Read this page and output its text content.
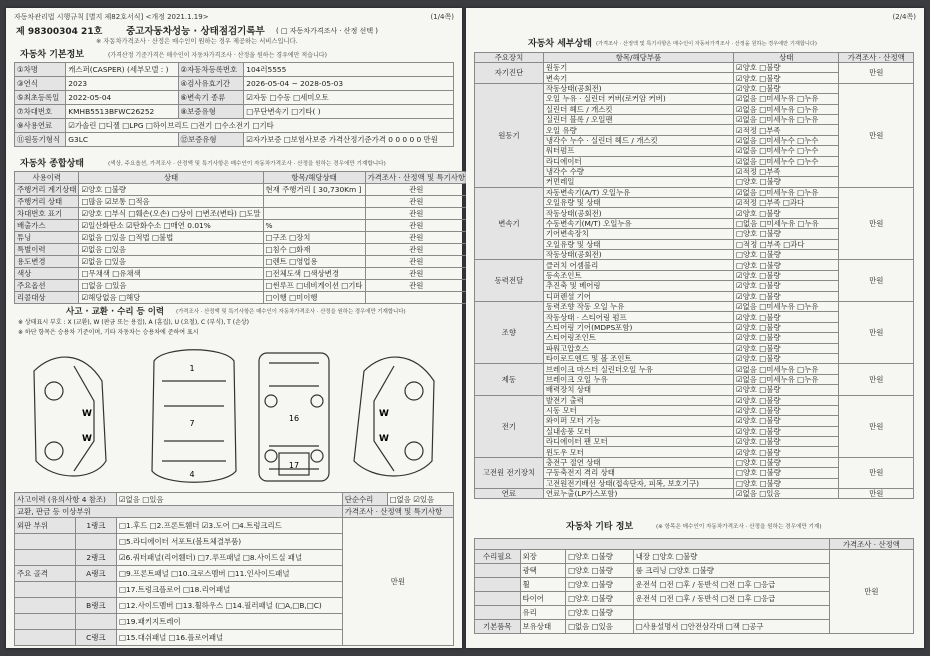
자동차관리법 시행규칙 [별지 제82호서식] <개정 2021.1.19>	(1/4쪽)
제 98300304 21호 중고자동차성능 · 상태점검기록부 ( □ 자동차가격조사 · 산정 선택 )
※ 자동차가격조사 · 산정은 매수인이 원하는 경우 제공하는 서비스입니다.
자동차 기본정보	(가격산정 기준가격은 매수인이 자동차가격조사 · 산정을 원하는 경우에만 적습니다)
①차명	캐스퍼(CASPER) (세부모델 : )	②자동차등록번호	104러5555
③연식	2023	④검사유효기간	2026-05-04 ~ 2028-05-03
⑤최초등록일	2022-05-04	⑥변속기 종류	☑자동 □수동 □세미오토
⑦차대번호	KMHB5513BFWC26252	⑧보증유형	□무단변속기 □기타( )
⑨사용연료	☑가솔린 □디젤 □LPG □하이브리드 □전기 □수소전기 □기타		
⑪원동기형식	G3LC	⑫보증유형	☑자가보증 □보험사보증 가격산정기준가격 0 0 0 0 0 만원
자동차 종합상태	(색상, 주요옵션, 가격조사 · 산정액 및 특기사항은 매수인이 자동차가격조사 · 산정을 원하는 경우에만 기재합니다)
사용이력	상태	항목/해당상태	가격조사 · 산정액 및 특기사항
주행거리 계기상태	☑양호 □불량	현재 주행거리 [ 30,730Km ]	관원
주행거리 상태	□많음 ☑보통 □적음		관원
차대번호 표기	☑양호 □부식 □훼손(오손) □상이 □변조(변타) □도말		관원
배출가스	☑일산화탄소 ☑탄화수소 □매연 0.01%	%	관원
튜닝	☑없음 □있음 □적법 □불법	□구조 □장치	관원
특별이력	☑없음 □있음	□침수 □화재	관원
용도변경	☑없음 □있음	□렌트 □영업용	관원
색상	□무채색 □유채색	□전체도색 □색상변경	관원
주요옵션	□없음 □있음	□썬루프 □네비게이션 □기타	관원
리콜대상	☑해당없음 □해당	□이행 □미이행	
사고 · 교환 · 수리 등 이력 (가격조사 · 산정액 및 특기사항은 매수인이 자동차가격조사 · 산정을 원하는 경우에만 기재합니다)
※ 상태표시 부호 : X (교환), W (판금 또는 용접), A (흠집), U (요철), C (부식), T (손상)
※ 하단 항목은 승용차 기준이며, 기타 자동차는 승용차에 준하여 표시
1
7
4
16
17
W
W
W
W
사고이력 (유의사항 4 참조)		☑없음 □있음	단순수리	□없음 ☑있음
교환, 판금 등 이상부위			가격조사 · 산정액 및 특기사항	
외판 부위	1랭크	□1.후드 □2.프론트휀더 ☑3.도어 □4.트렁크리드	만원	
		□5.라디에이터 서포트(볼트체결부품)		
	2랭크	☑6.쿼터패널(리어휀더) □7.루프패널 □8.사이드실 패널		
주요 골격	A랭크	□9.프론트패널 □10.크로스멤버 □11.인사이드패널		
		□17.트렁크플로어 □18.리어패널		
	B랭크	□12.사이드멤버 □13.휠하우스 □14.필러패널 (□A,□B,□C)		
		□19.패키지트레이		
	C랭크	□15.대쉬패널 □16.플로어패널		
(2/4쪽)
자동차 세부상태 (가격조사 · 산정액 및 특기사항은 매수인이 자동차가격조사 · 산정을 원하는 경우에만 기재합니다)
주요장치	항목/해당부품	상태	가격조사 · 산정액
자기진단	원동기	☑양호 □불량	만원
	변속기	☑양호 □불량	
원동기	작동상태(공회전)	☑양호 □불량	만원
	오일 누유 · 실린더 커버(로커암 커버)	☑없음 □미세누유 □누유	
	실린더 헤드 / 개스킷	☑없음 □미세누유 □누유	
	실린더 블록 / 오일팬	☑없음 □미세누유 □누유	
	오일 유량	☑적정 □부족	
	냉각수 누수 · 실린더 헤드 / 개스킷	☑없음 □미세누수 □누수	
	워터펌프	☑없음 □미세누수 □누수	
	라디에이터	☑없음 □미세누수 □누수	
	냉각수 수량	☑적정 □부족	
	커먼레일	□양호 □불량	
변속기	자동변속기(A/T) 오일누유	☑없음 □미세누유 □누유	만원
	오일유량 및 상태	☑적정 □부족 □과다	
	작동상태(공회전)	☑양호 □불량	
	수동변속기(M/T) 오일누유	□없음 □미세누유 □누유	
	기어변속장치	□양호 □불량	
	오일유량 및 상태	□적정 □부족 □과다	
	작동상태(공회전)	□양호 □불량	
동력전달	클러치 어셈블리	□양호 □불량	만원
	등속조인트	☑양호 □불량	
	추진축 및 베어링	☑양호 □불량	
	디퍼렌셜 기어	☑양호 □불량	
조향	동력조향 작동 오일 누유	☑없음 □미세누유 □누유	만원
	작동상태 · 스티어링 펌프	☑양호 □불량	
	스티어링 기어(MDPS포함)	☑양호 □불량	
	스티어링조인트	☑양호 □불량	
	파워고압호스	☑양호 □불량	
	타이로드엔드 및 볼 조인트	☑양호 □불량	
제동	브레이크 마스터 실린더오일 누유	☑없음 □미세누유 □누유	만원
	브레이크 오일 누유	☑없음 □미세누유 □누유	
	배력장치 상태	☑양호 □불량	
전기	발전기 출력	☑양호 □불량	만원
	시동 모터	☑양호 □불량	
	와이퍼 모터 기능	☑양호 □불량	
	실내송풍 모터	☑양호 □불량	
	라디에이터 팬 모터	☑양호 □불량	
	윈도우 모터	☑양호 □불량	
고전원 전기장치	충전구 절연 상태	□양호 □불량	만원
	구동축전지 격리 상태	□양호 □불량	
	고전원전기배선 상태(접속단자, 피복, 보호기구)	□양호 □불량	
연료	연료누출(LP가스포함)	☑없음 □있음	만원
자동차 기타 정보	(※ 항목은 매수인이 자동차가격조사 · 산정을 원하는 경우에만 기재)
				가격조사 · 산정액
수리필요	외장	□양호 □불량	내장 □양호 □불량	만원
	광택	□양호 □불량	룸 크리닝 □양호 □불량	
	휠	□양호 □불량	운전석 □전 □후 / 동반석 □전 □후 □응급	
	타이어	□양호 □불량	운전석 □전 □후 / 동반석 □전 □후 □응급	
	유리	□양호 □불량		
기본품목	보유상태	□없음 □있음	□사용설명서 □안전삼각대 □잭 □공구	
